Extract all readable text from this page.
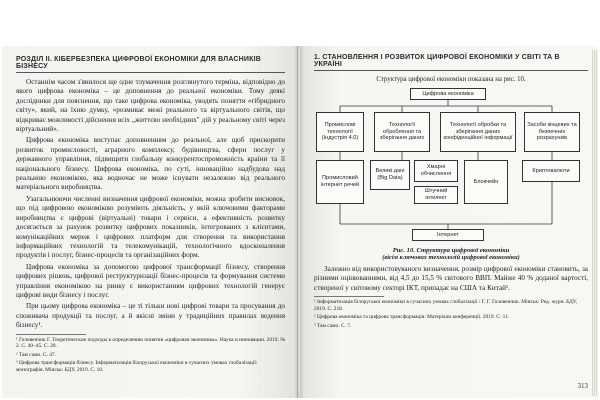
РОЗДІЛ ІІ. КІБЕРБЕЗПЕКА ЦИФРОВОЇ ЕКОНОМІКИ ДЛЯ ВЛАСНИКІВ БІЗНЕСУ

Останнім часом з'явилося ще одне тлумачення розглянутого терміна, відповідно до якого цифрова економіка – це доповнення до реальної економіки. Тому деякі дослідники для пояснення, що таке цифрова економіка, уводять поняття «гібридного світу», який, на їхню думку, «розмиває межі реального та віртуального світів, що відкриває можливості дійснення всіх „життєво необхідних" дій у реальному світі через віртуальний».

Цифрова економіка виступає доповненням до реальної, але щоб прискорити розвиток промисловості, аграрного комплексу, будівництва, сфери послуг у державного управління, підвищити глобальну конкурентоспроможність країни та її національного бізнесу. Цифрова економіка, по суті, інноваційно надбудова над реальною економікою, яка водночас не може існувати незалежно від реального матеріального виробництва.

Узагальнюючи численні визначення цифрової економіки, можна зробити висновок, що під цифровою економікою розуміють діяльність, у якій ключовими факторами виробництва є цифрові (віртуальні) товари і сервіси, а ефективність розвитку досягається за рахунок розвитку цифрових показників, інтегрованих з клієнтами, комунікаційних мереж і цифрових платформ для створення та використання інформаційних технологій та телекомунікацій, технологічного вдосконалення продуктів і послуг, бізнес-процесів та організаційних форм.

Цифрова економіка за допомогою цифрової трансформації бізнесу, створення цифрових рішень, цифрової реструктуризації бізнес-процесів та формування системи управління економікою на ринку є використанням цифрових технологій генерує цифрові види бізнесу і послуг.

При цьому цифрова економіка – це ті тільки нові цифрові товари та просування до споживача продукції та послуг, а й якісні зміни у традиційних правилах ведення бізнесу¹.

¹ Головенчик Г. Теоретические подходы к определению понятия «цифровая экономика». Наука и инновации. 2019. № 2. С. 40–45. С. 28.

² Там само. С. 47.

³ Цифрова трансформація бізнесу. Інформатизація білоруської економіки в сучасних умовах глобалізації: монографія. Мінськ: БДУ, 2019. С. 10.

1. СТАНОВЛЕННЯ І РОЗВИТОК ЦИФРОВОЇ ЕКОНОМІКИ У СВІТІ ТА В УКРАЇНІ

Структура цифрової економіки показана на рис. 10.

Цифрова економіка
Промислові технології (Індустрія 4.0)
Технології оброблення та зберігання даних
Технології обробки та зберігання даних конфіденційної інформації
Засоби кінцевих та безпечних розрахунків
Промисловий інтернет речей
Великі дані (Big Data)
Хмарні обчислення
Штучний інтелект
Блокчейн
Криптовалюти
Інтернет

Рис. 10. Структура цифрової економіки

(вісім ключових технологій цифрової економіки)

Залежно від використовуваного визначення, розмір цифрової економіки становить, за різними оцінюваннями, від 4,5 до 15,5 % світового ВВП. Майже 40 % доданої вартості, створеної у світовому секторі ІКТ, припадає на США та Китай¹.

¹ Інформатизація білоруської економіки в сучасних умовах глобалізації / Г. Г. Головенчик. Мінськ: Ред. журн. БДУ, 2019. С. 218.

² Цифрова економіка та цифрова трансформація: Матеріали конференції. 2019. С. 11.

³ Там само. С. 7.

313
